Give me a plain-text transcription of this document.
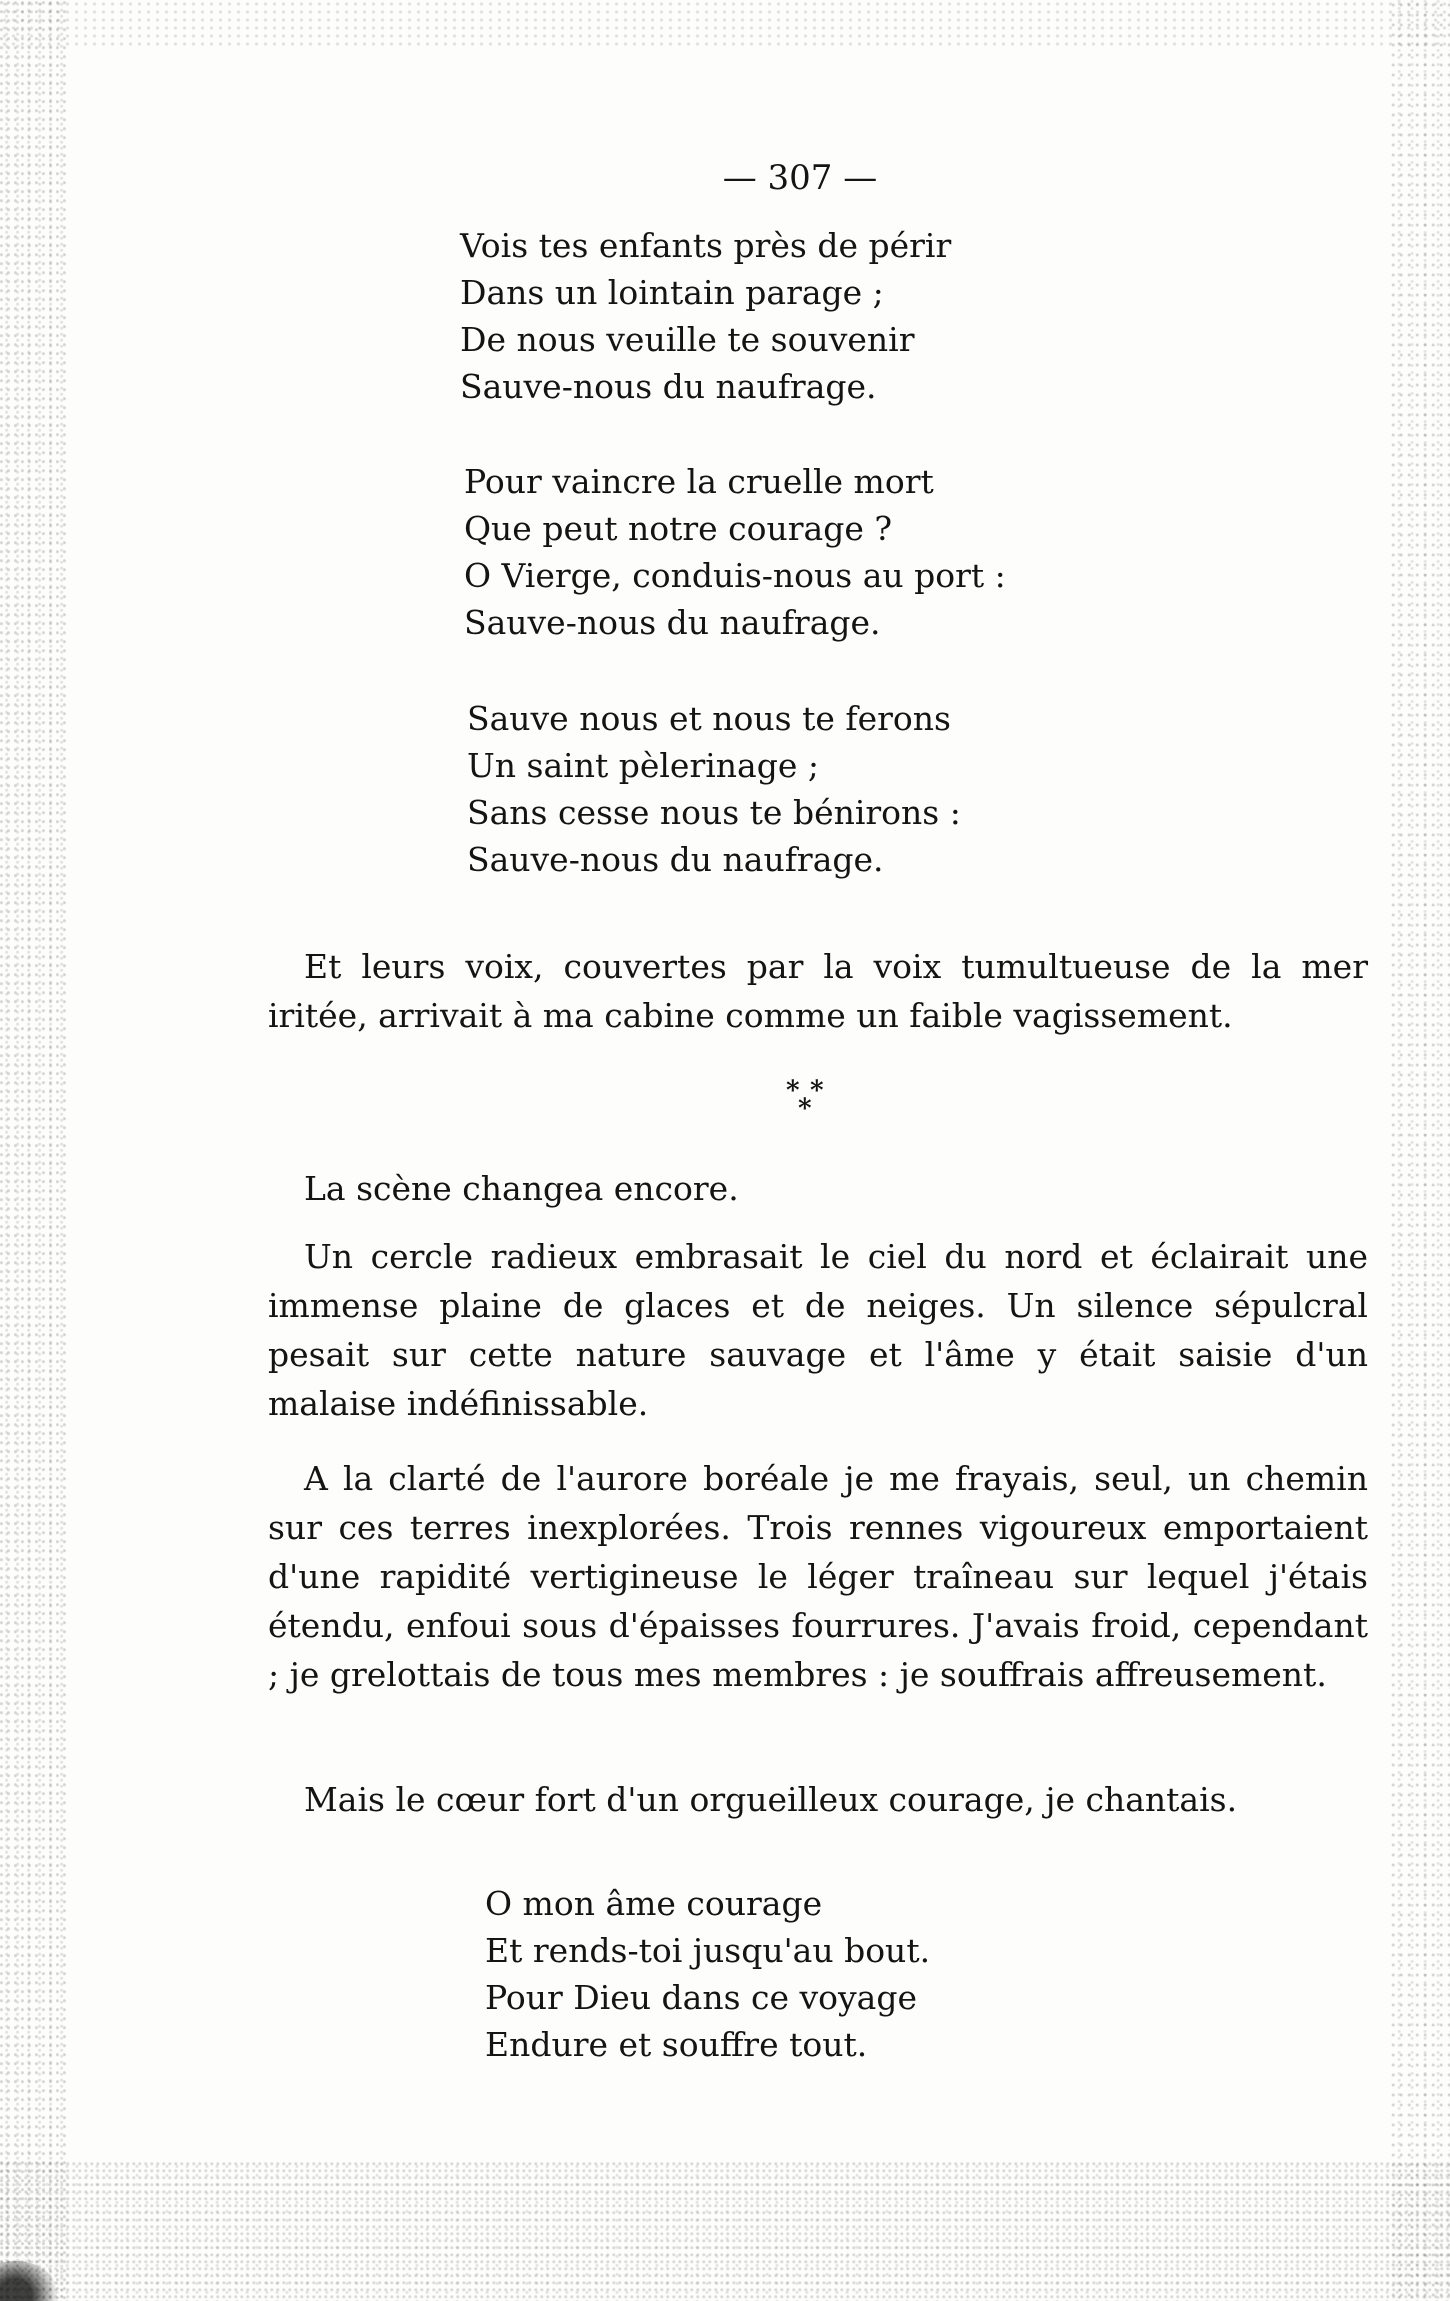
— 307 —
Vois tes enfants près de périr
Dans un lointain parage ;
De nous veuille te souvenir
Sauve-nous du naufrage.
Pour vaincre la cruelle mort
Que peut notre courage ?
O Vierge, conduis-nous au port :
Sauve-nous du naufrage.
Sauve nous et nous te ferons
Un saint pèlerinage ;
Sans cesse nous te bénirons :
Sauve-nous du naufrage.

Et leurs voix, couvertes par la voix tumultueuse de la mer iritée, arrivait à ma cabine comme un faible vagissement.

* *
*

La scène changea encore.

Un cercle radieux embrasait le ciel du nord et éclairait une immense plaine de glaces et de neiges. Un silence sépulcral pesait sur cette nature sauvage et l'âme y était saisie d'un malaise indéfinissable.

A la clarté de l'aurore boréale je me frayais, seul, un chemin sur ces terres inexplorées. Trois rennes vigoureux emportaient d'une rapidité vertigineuse le léger traîneau sur lequel j'étais étendu, enfoui sous d'épaisses fourrures. J'avais froid, cependant ; je grelottais de tous mes membres : je souffrais affreusement.

Mais le cœur fort d'un orgueilleux courage, je chantais.

O mon âme courage
Et rends-toi jusqu'au bout.
Pour Dieu dans ce voyage
Endure et souffre tout.
